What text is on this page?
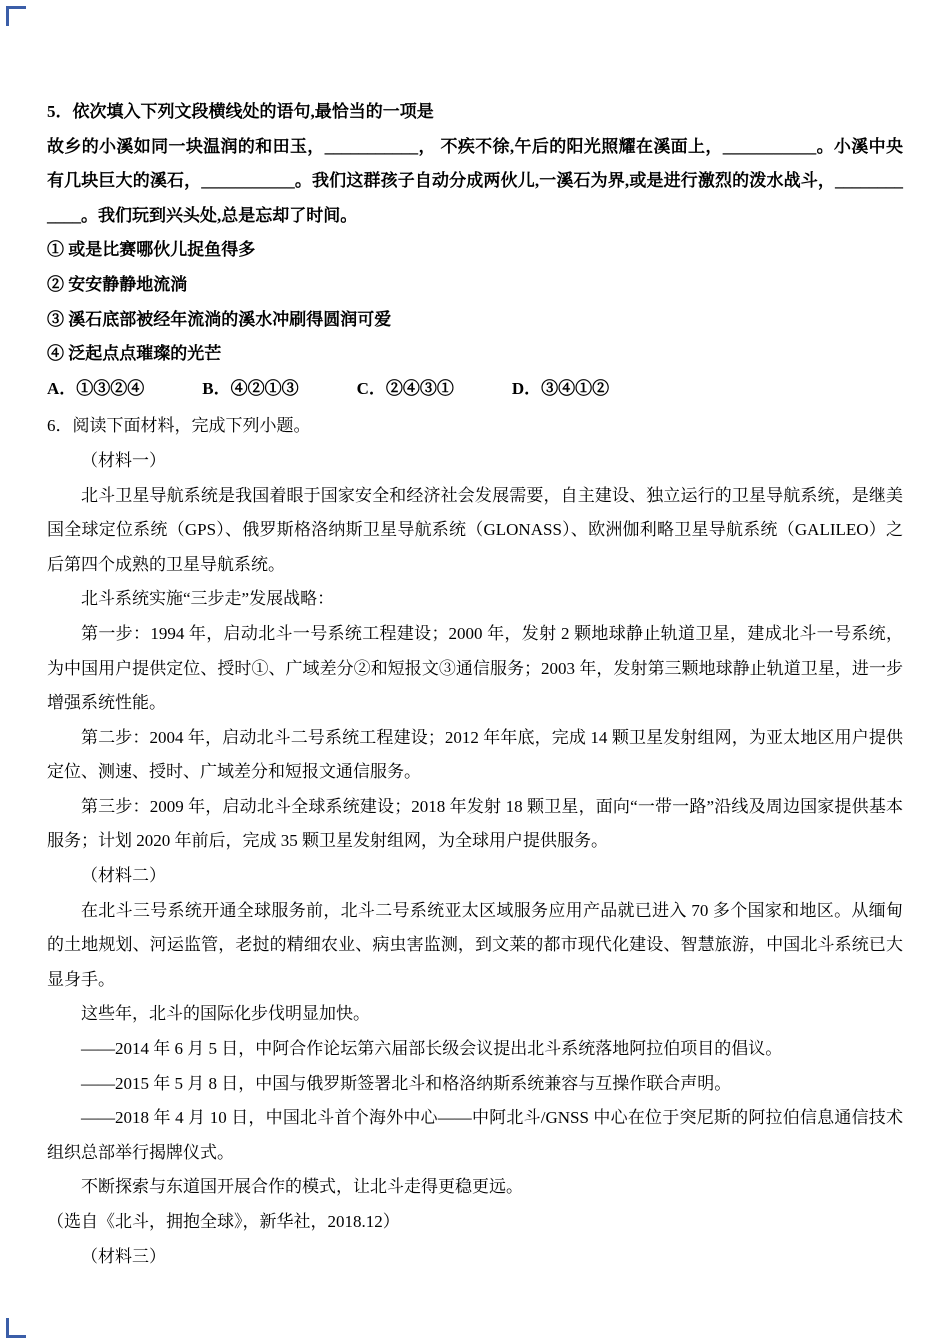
5．依次填入下列文段横线处的语句,最恰当的一项是

故乡的小溪如同一块温润的和田玉，___________， 不疾不徐,午后的阳光照耀在溪面上，___________。小溪中央有几块巨大的溪石，___________。我们这群孩子自动分成两伙儿,一溪石为界,或是进行激烈的泼水战斗，____________。我们玩到兴头处,总是忘却了时间。

① 或是比赛哪伙儿捉鱼得多

② 安安静静地流淌

③ 溪石底部被经年流淌的溪水冲刷得圆润可爱

④ 泛起点点璀璨的光芒

A．①③②④	B．④②①③	C．②④③①	D．③④①②

6．阅读下面材料，完成下列小题。

（材料一）

北斗卫星导航系统是我国着眼于国家安全和经济社会发展需要，自主建设、独立运行的卫星导航系统，是继美国全球定位系统（GPS）、俄罗斯格洛纳斯卫星导航系统（GLONASS）、欧洲伽利略卫星导航系统（GALILEO）之后第四个成熟的卫星导航系统。

北斗系统实施“三步走”发展战略：

第一步：1994 年，启动北斗一号系统工程建设；2000 年，发射 2 颗地球静止轨道卫星，建成北斗一号系统，为中国用户提供定位、授时①、广域差分②和短报文③通信服务；2003 年，发射第三颗地球静止轨道卫星，进一步增强系统性能。

第二步：2004 年，启动北斗二号系统工程建设；2012 年年底，完成 14 颗卫星发射组网，为亚太地区用户提供定位、测速、授时、广域差分和短报文通信服务。

第三步：2009 年，启动北斗全球系统建设；2018 年发射 18 颗卫星，面向“一带一路”沿线及周边国家提供基本服务；计划 2020 年前后，完成 35 颗卫星发射组网，为全球用户提供服务。

（材料二）

在北斗三号系统开通全球服务前，北斗二号系统亚太区域服务应用产品就已进入 70 多个国家和地区。从缅甸的土地规划、河运监管，老挝的精细农业、病虫害监测，到文莱的都市现代化建设、智慧旅游，中国北斗系统已大显身手。

这些年，北斗的国际化步伐明显加快。

——2014 年 6 月 5 日，中阿合作论坛第六届部长级会议提出北斗系统落地阿拉伯项目的倡议。

——2015 年 5 月 8 日，中国与俄罗斯签署北斗和格洛纳斯系统兼容与互操作联合声明。

——2018 年 4 月 10 日，中国北斗首个海外中心——中阿北斗/GNSS 中心在位于突尼斯的阿拉伯信息通信技术组织总部举行揭牌仪式。

不断探索与东道国开展合作的模式，让北斗走得更稳更远。

（选自《北斗，拥抱全球》，新华社，2018.12）

（材料三）
